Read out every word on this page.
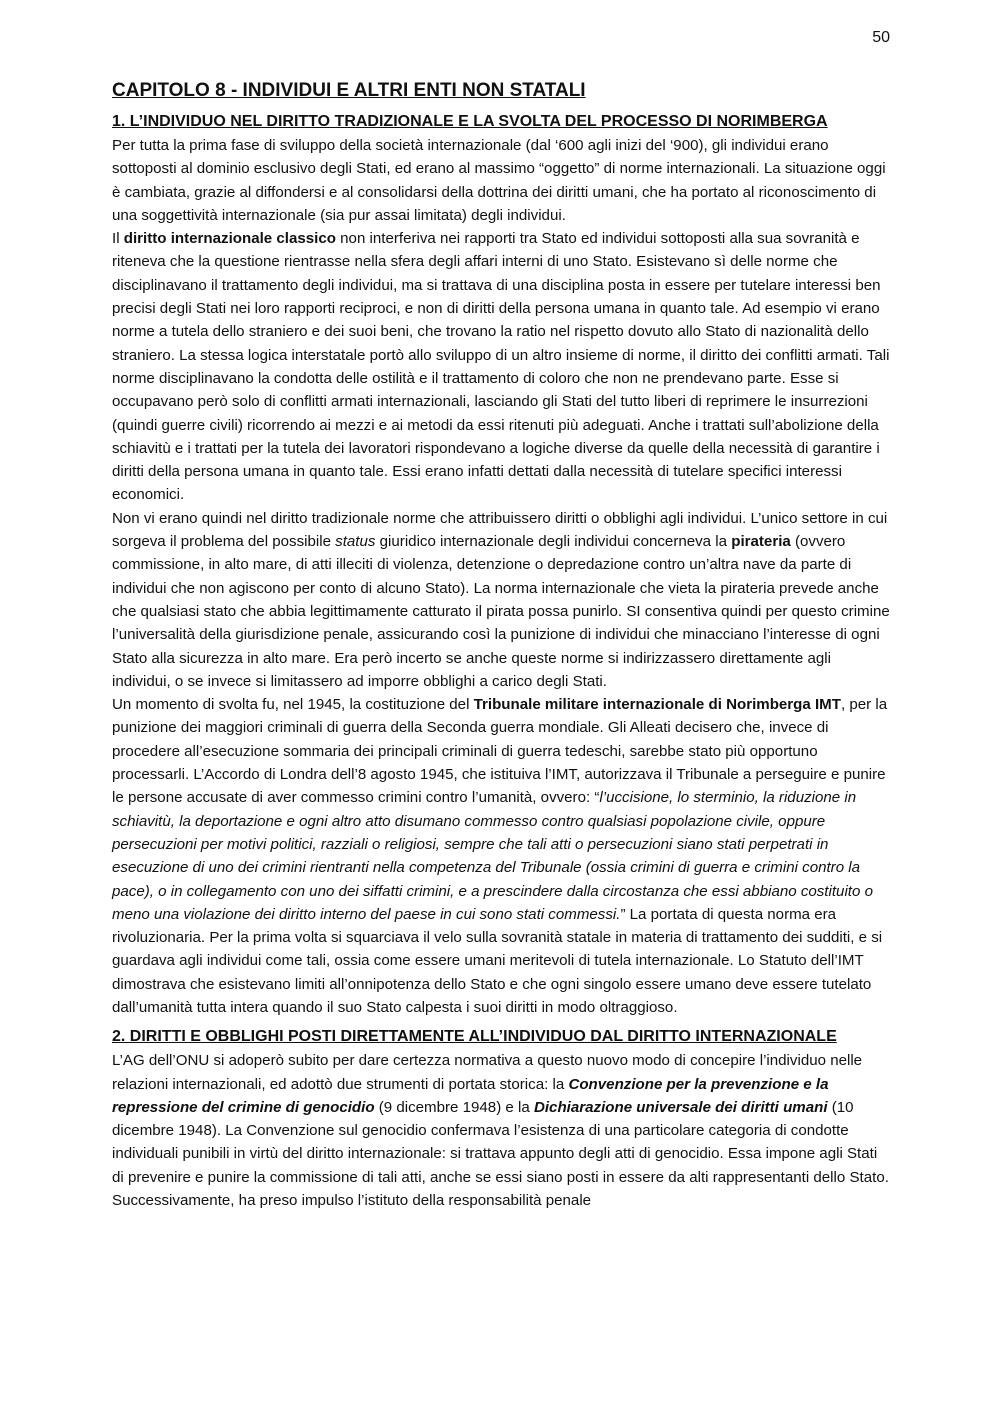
50
CAPITOLO 8 - INDIVIDUI E ALTRI ENTI NON STATALI
1. L’INDIVIDUO NEL DIRITTO TRADIZIONALE E LA SVOLTA DEL PROCESSO DI NORIMBERGA

Per tutta la prima fase di sviluppo della società internazionale (dal ‘600 agli inizi del ‘900), gli individui erano sottoposti al dominio esclusivo degli Stati, ed erano al massimo “oggetto” di norme internazionali. La situazione oggi è cambiata, grazie al diffondersi e al consolidarsi della dottrina dei diritti umani, che ha portato al riconoscimento di una soggettività internazionale (sia pur assai limitata) degli individui.

Il diritto internazionale classico non interferiva nei rapporti tra Stato ed individui sottoposti alla sua sovranità e riteneva che la questione rientrasse nella sfera degli affari interni di uno Stato. Esistevano sì delle norme che disciplinavano il trattamento degli individui, ma si trattava di una disciplina posta in essere per tutelare interessi ben precisi degli Stati nei loro rapporti reciproci, e non di diritti della persona umana in quanto tale. Ad esempio vi erano norme a tutela dello straniero e dei suoi beni, che trovano la ratio nel rispetto dovuto allo Stato di nazionalità dello straniero. La stessa logica interstatale portò allo sviluppo di un altro insieme di norme, il diritto dei conflitti armati. Tali norme disciplinavano la condotta delle ostilità e il trattamento di coloro che non ne prendevano parte. Esse si occupavano però solo di conflitti armati internazionali, lasciando gli Stati del tutto liberi di reprimere le insurrezioni (quindi guerre civili) ricorrendo ai mezzi e ai metodi da essi ritenuti più adeguati. Anche i trattati sull’abolizione della schiavitù e i trattati per la tutela dei lavoratori rispondevano a logiche diverse da quelle della necessità di garantire i diritti della persona umana in quanto tale. Essi erano infatti dettati dalla necessità di tutelare specifici interessi economici.

Non vi erano quindi nel diritto tradizionale norme che attribuissero diritti o obblighi agli individui. L’unico settore in cui sorgeva il problema del possibile status giuridico internazionale degli individui concerneva la pirateria (ovvero commissione, in alto mare, di atti illeciti di violenza, detenzione o depredazione contro un’altra nave da parte di individui che non agiscono per conto di alcuno Stato). La norma internazionale che vieta la pirateria prevede anche che qualsiasi stato che abbia legittimamente catturato il pirata possa punirlo. SI consentiva quindi per questo crimine l’universalità della giurisdizione penale, assicurando così la punizione di individui che minacciano l’interesse di ogni Stato alla sicurezza in alto mare. Era però incerto se anche queste norme si indirizzassero direttamente agli individui, o se invece si limitassero ad imporre obblighi a carico degli Stati.

Un momento di svolta fu, nel 1945, la costituzione del Tribunale militare internazionale di Norimberga IMT, per la punizione dei maggiori criminali di guerra della Seconda guerra mondiale. Gli Alleati decisero che, invece di procedere all’esecuzione sommaria dei principali criminali di guerra tedeschi, sarebbe stato più opportuno processarli. L’Accordo di Londra dell’8 agosto 1945, che istituiva l’IMT, autorizzava il Tribunale a perseguire e punire le persone accusate di aver commesso crimini contro l’umanità, ovvero: “l’uccisione, lo sterminio, la riduzione in schiavitù, la deportazione e ogni altro atto disumano commesso contro qualsiasi popolazione civile, oppure persecuzioni per motivi politici, razziali o religiosi, sempre che tali atti o persecuzioni siano stati perpetrati in esecuzione di uno dei crimini rientranti nella competenza del Tribunale (ossia crimini di guerra e crimini contro la pace), o in collegamento con uno dei siffatti crimini, e a prescindere dalla circostanza che essi abbiano costituito o meno una violazione dei diritto interno del paese in cui sono stati commessi.” La portata di questa norma era rivoluzionaria. Per la prima volta si squarciava il velo sulla sovranità statale in materia di trattamento dei sudditi, e si guardava agli individui come tali, ossia come essere umani meritevoli di tutela internazionale. Lo Statuto dell’IMT dimostrava che esistevano limiti all’onnipotenza dello Stato e che ogni singolo essere umano deve essere tutelato dall’umanità tutta intera quando il suo Stato calpesta i suoi diritti in modo oltraggioso.

2. DIRITTI E OBBLIGHI POSTI DIRETTAMENTE ALL’INDIVIDUO DAL DIRITTO INTERNAZIONALE

L’AG dell’ONU si adoperò subito per dare certezza normativa a questo nuovo modo di concepire l’individuo nelle relazioni internazionali, ed adottò due strumenti di portata storica: la Convenzione per la prevenzione e la repressione del crimine di genocidio (9 dicembre 1948) e la Dichiarazione universale dei diritti umani (10 dicembre 1948). La Convenzione sul genocidio confermava l’esistenza di una particolare categoria di condotte individuali punibili in virtù del diritto internazionale: si trattava appunto degli atti di genocidio. Essa impone agli Stati di prevenire e punire la commissione di tali atti, anche se essi siano posti in essere da alti rappresentanti dello Stato. Successivamente, ha preso impulso l’istituto della responsabilità penale
